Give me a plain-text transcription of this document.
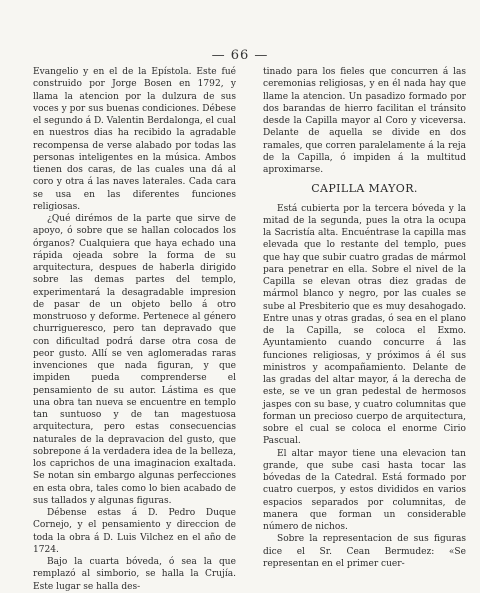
— 66 —

Evangelio y en el de la Epístola. Este fué construido por Jorge Bosen en 1792, y llama la atencion por la dulzura de sus voces y por sus buenas condiciones. Débese el segundo á D. Valentin Berdalonga, el cual en nuestros dias ha recibido la agradable recompensa de verse alabado por todas las personas inteligentes en la música. Ambos tienen dos caras, de las cuales una dá al coro y otra á las naves laterales. Cada cara se usa en las diferentes funciones religiosas.

¿Qué dirémos de la parte que sirve de apoyo, ó sobre que se hallan colocados los órganos? Cualquiera que haya echado una rápida ojeada sobre la forma de su arquitectura, despues de haberla dirigido sobre las demas partes del templo, experimentará la desagradable impresion de pasar de un objeto bello á otro monstruoso y deforme. Pertenece al género churrigueresco, pero tan depravado que con dificultad podrá darse otra cosa de peor gusto. Allí se ven aglomeradas raras invenciones que nada figuran, y que impiden pueda comprenderse el pensamiento de su autor. Lástima es que una obra tan nueva se encuentre en templo tan suntuoso y de tan magestuosa arquitectura, pero estas consecuencias naturales de la depravacion del gusto, que sobrepone á la verdadera idea de la belleza, los caprichos de una imaginacion exaltada. Se notan sin embargo algunas perfecciones en esta obra, tales como lo bien acabado de sus tallados y algunas figuras.

Débense estas á D. Pedro Duque Cornejo, y el pensamiento y direccion de toda la obra á D. Luis Vilchez en el año de 1724.

Bajo la cuarta bóveda, ó sea la que remplazó al simborio, se halla la Crujía. Este lugar se halla des-

tinado para los fieles que concurren á las ceremonias religiosas, y en él nada hay que llame la atencion. Un pasadizo formado por dos barandas de hierro facilitan el tránsito desde la Capilla mayor al Coro y viceversa. Delante de aquella se divide en dos ramales, que corren paralelamente á la reja de la Capilla, ó impiden á la multitud aproximarse.

CAPILLA MAYOR.

Está cubierta por la tercera bóveda y la mitad de la segunda, pues la otra la ocupa la Sacristía alta. Encuéntrase la capilla mas elevada que lo restante del templo, pues que hay que subir cuatro gradas de mármol para penetrar en ella. Sobre el nivel de la Capilla se elevan otras diez gradas de mármol blanco y negro, por las cuales se sube al Presbiterio que es muy desahogado. Entre unas y otras gradas, ó sea en el plano de la Capilla, se coloca el Exmo. Ayuntamiento cuando concurre á las funciones religiosas, y próximos á él sus ministros y acompañamiento. Delante de las gradas del altar mayor, á la derecha de este, se ve un gran pedestal de hermosos jaspes con su base, y cuatro columnitas que forman un precioso cuerpo de arquitectura, sobre el cual se coloca el enorme Cirio Pascual.

El altar mayor tiene una elevacion tan grande, que sube casi hasta tocar las bóvedas de la Catedral. Está formado por cuatro cuerpos, y estos divididos en varios espacios separados por columnitas, de manera que forman un considerable número de nichos.

Sobre la representacion de sus figuras dice el Sr. Cean Bermudez: «Se representan en el primer cuer-
